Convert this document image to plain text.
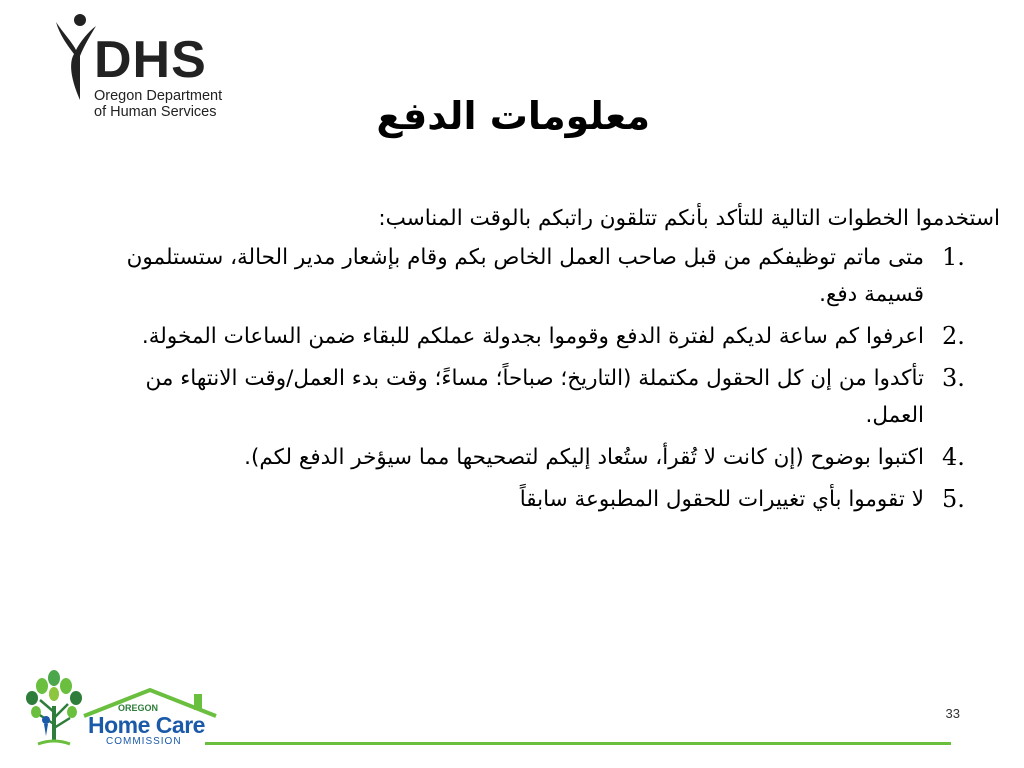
DHS
Oregon Department
of Human Services	معلومات الدفع

استخدموا الخطوات التالية للتأكد بأنكم تتلقون راتبكم بالوقت المناسب:

1.
متى ماتم توظيفكم من قبل صاحب العمل الخاص بكم وقام بإشعار مدير الحالة، ستستلمون قسيمة دفع.
2.
اعرفوا كم ساعة لديكم لفترة الدفع وقوموا بجدولة عملكم للبقاء ضمن الساعات المخولة.
3.
تأكدوا من إن كل الحقول مكتملة (التاريخ؛ صباحاً؛ مساءً؛ وقت بدء العمل/وقت الانتهاء من العمل.
4.
اكتبوا بوضوح (إن كانت لا تُقرأ، ستُعاد إليكم لتصحيحها مما سيؤخر الدفع لكم).
5.
لا تقوموا بأي تغييرات للحقول المطبوعة سابقاً
OREGON
Home Care
COMMISSION
33
